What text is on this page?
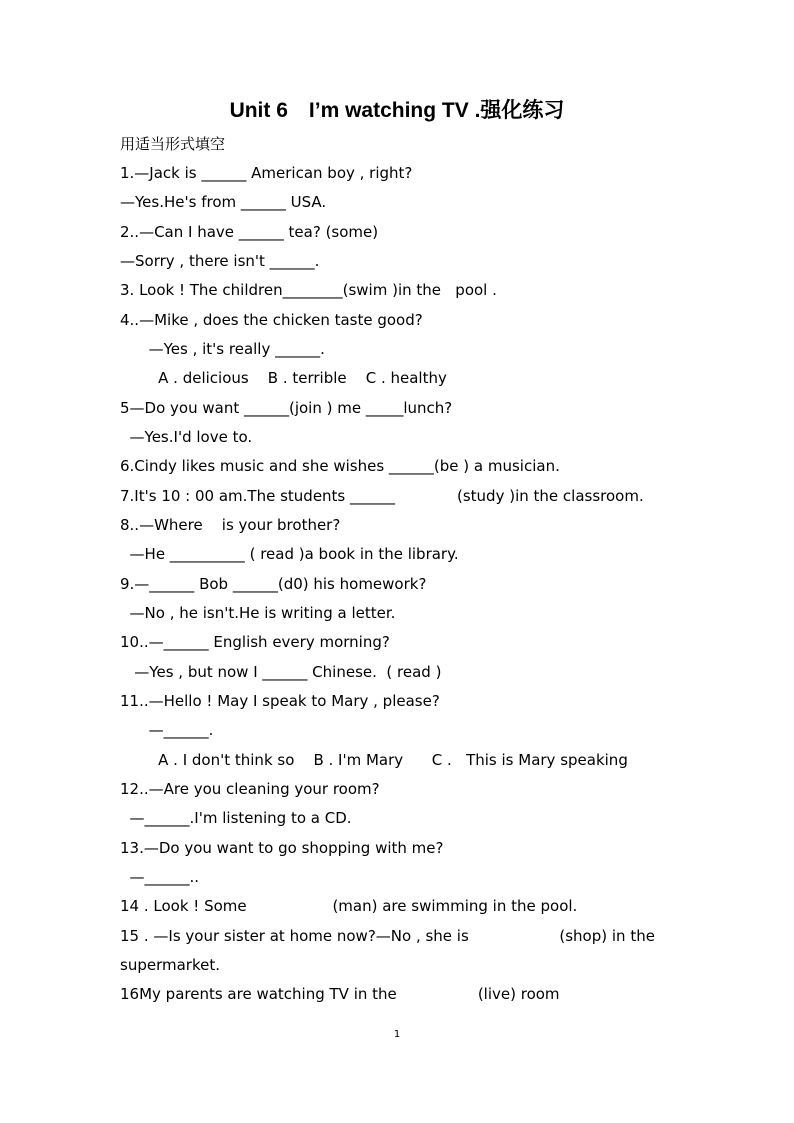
Unit 6　I’m watching TV .强化练习
用适当形式填空
1.—Jack is ______ American boy , right?
—Yes.He's from ______ USA.
2..—Can I have ______ tea? (some)
—Sorry , there isn't ______.
3. Look ! The children________(swim )in the   pool .
4..—Mike , does the chicken taste good?
—Yes , it's really ______.
A . delicious    B . terrible    C . healthy
5—Do you want ______(join ) me _____lunch?
—Yes.I'd love to.
6.Cindy likes music and she wishes ______(be ) a musician.
7.It's 10 : 00 am.The students ______             (study )in the classroom.
8..—Where    is your brother?
—He __________ ( read )a book in the library.
9.—______ Bob ______(d0) his homework?
—No , he isn't.He is writing a letter.
10..—______ English every morning?
—Yes , but now I ______ Chinese.  ( read )
11..—Hello ! May I speak to Mary , please?
—______.
A . I don't think so    B . I'm Mary      C .   This is Mary speaking
12..—Are you cleaning your room?
—______.I'm listening to a CD.
13.—Do you want to go shopping with me?
—______..
14 . Look ! Some                  (man) are swimming in the pool.
15 . —Is your sister at home now?—No , she is                   (shop) in the
supermarket.
16My parents are watching TV in the                 (live) room
1
